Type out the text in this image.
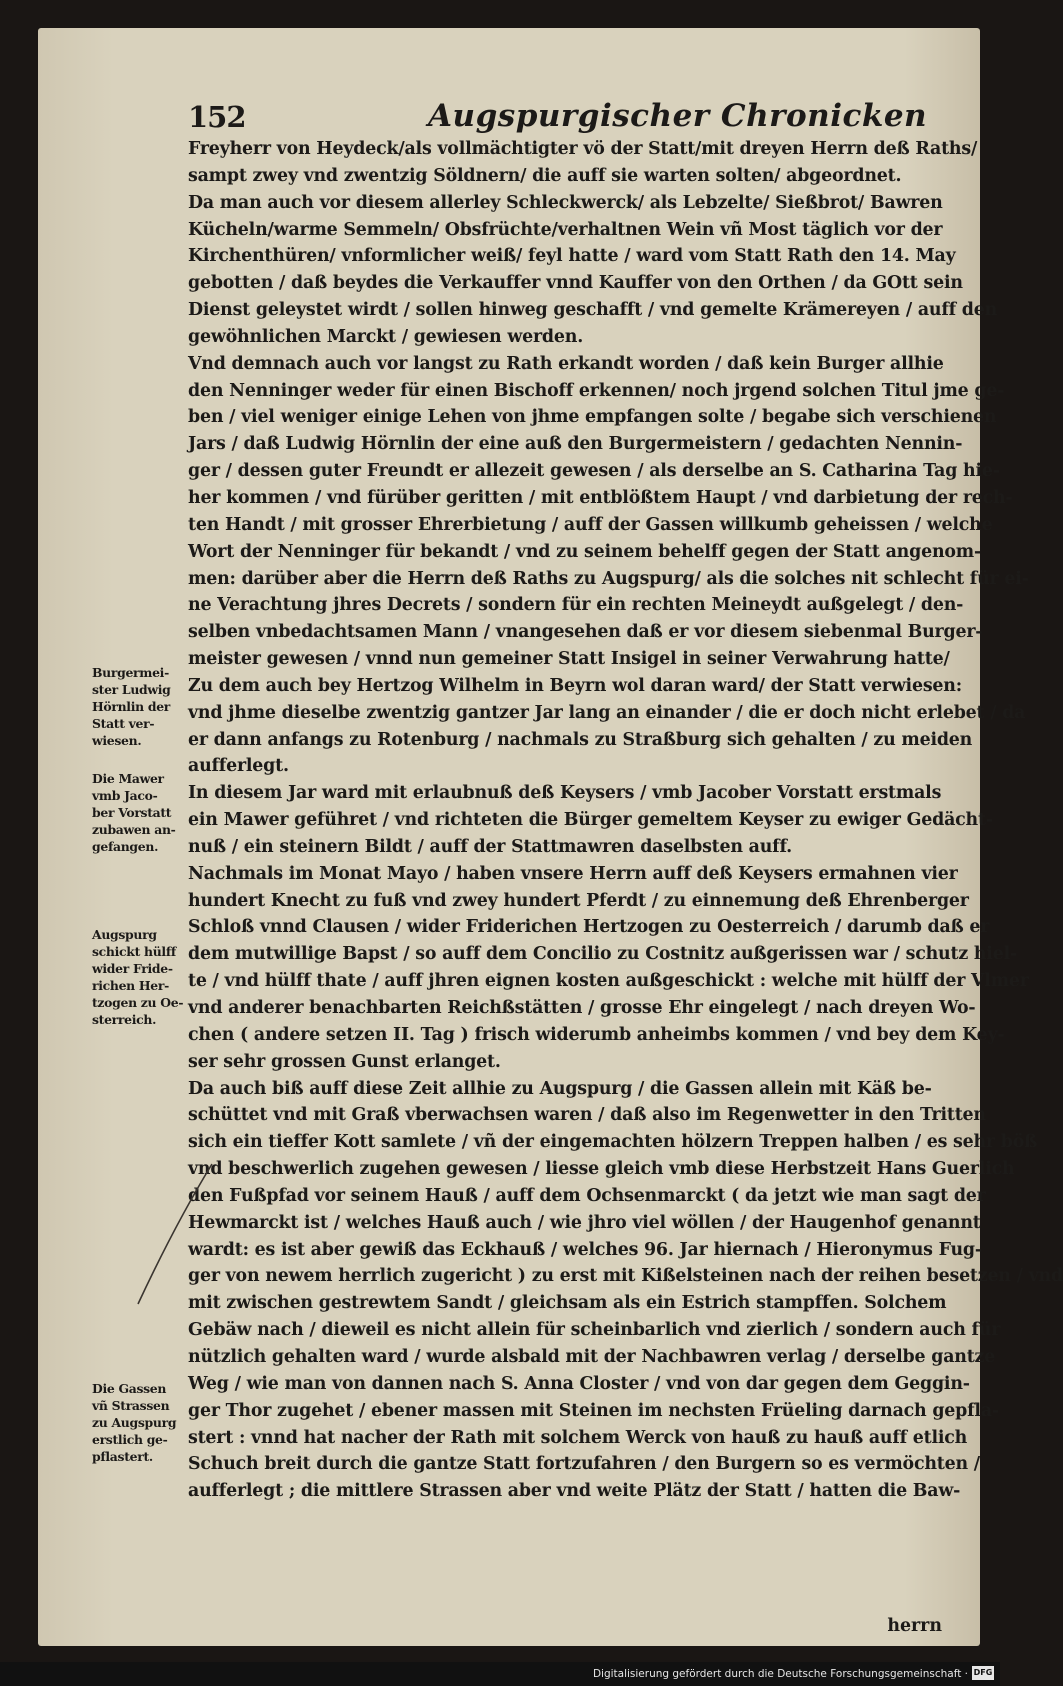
152	Augspurgischer Chronicken
Freyherr von Heydeck/als vollmächtigter vö der Statt/mit dreyen Herrn deß Raths/
sampt zwey vnd zwentzig Söldnern/ die auff sie warten solten/ abgeordnet.
Da man auch vor diesem allerley Schleckwerck/ als Lebzelte/ Sießbrot/ Bawren
Kücheln/warme Semmeln/ Obsfrüchte/verhaltnen Wein vñ Most täglich vor der
Kirchenthüren/ vnformlicher weiß/ feyl hatte / ward vom Statt Rath den 14. May
gebotten / daß beydes die Verkauffer vnnd Kauffer von den Orthen / da GOtt sein
Dienst geleystet wirdt / sollen hinweg geschafft / vnd gemelte Krämereyen / auff den
gewöhnlichen Marckt / gewiesen werden.
Vnd demnach auch vor langst zu Rath erkandt worden / daß kein Burger allhie
den Nenninger weder für einen Bischoff erkennen/ noch jrgend solchen Titul jme ge-
ben / viel weniger einige Lehen von jhme empfangen solte / begabe sich verschienen
Jars / daß Ludwig Hörnlin der eine auß den Burgermeistern / gedachten Nennin-
ger / dessen guter Freundt er allezeit gewesen / als derselbe an S. Catharina Tag hie-
her kommen / vnd fürüber geritten / mit entblößtem Haupt / vnd darbietung der rech-
ten Handt / mit grosser Ehrerbietung / auff der Gassen willkumb geheissen / welche
Wort der Nenninger für bekandt / vnd zu seinem behelff gegen der Statt angenom-
men: darüber aber die Herrn deß Raths zu Augspurg/ als die solches nit schlecht für ei-
ne Verachtung jhres Decrets / sondern für ein rechten Meineydt außgelegt / den-
selben vnbedachtsamen Mann / vnangesehen daß er vor diesem siebenmal Burger-
meister gewesen / vnnd nun gemeiner Statt Insigel in seiner Verwahrung hatte/
Zu dem auch bey Hertzog Wilhelm in Beyrn wol daran ward/ der Statt verwiesen:
vnd jhme dieselbe zwentzig gantzer Jar lang an einander / die er doch nicht erlebet / da
er dann anfangs zu Rotenburg / nachmals zu Straßburg sich gehalten / zu meiden
aufferlegt.
In diesem Jar ward mit erlaubnuß deß Keysers / vmb Jacober Vorstatt erstmals
ein Mawer geführet / vnd richteten die Bürger gemeltem Keyser zu ewiger Gedächt-
nuß / ein steinern Bildt / auff der Stattmawren daselbsten auff.
Nachmals im Monat Mayo / haben vnsere Herrn auff deß Keysers ermahnen vier
hundert Knecht zu fuß vnd zwey hundert Pferdt / zu einnemung deß Ehrenberger
Schloß vnnd Clausen / wider Friderichen Hertzogen zu Oesterreich / darumb daß er
dem mutwillige Bapst / so auff dem Concilio zu Costnitz außgerissen war / schutz hiel-
te / vnd hülff thate / auff jhren eignen kosten außgeschickt : welche mit hülff der Vlmer
vnd anderer benachbarten Reichßstätten / grosse Ehr eingelegt / nach dreyen Wo-
chen ( andere setzen II. Tag ) frisch widerumb anheimbs kommen / vnd bey dem Key-
ser sehr grossen Gunst erlanget.
Da auch biß auff diese Zeit allhie zu Augspurg / die Gassen allein mit Käß be-
schüttet vnd mit Graß vberwachsen waren / daß also im Regenwetter in den Tritten
sich ein tieffer Kott samlete / vñ der eingemachten hölzern Treppen halben / es sehr böß
vnd beschwerlich zugehen gewesen / liesse gleich vmb diese Herbstzeit Hans Guerlich
den Fußpfad vor seinem Hauß / auff dem Ochsenmarckt ( da jetzt wie man sagt der
Hewmarckt ist / welches Hauß auch / wie jhro viel wöllen / der Haugenhof genannt
wardt: es ist aber gewiß das Eckhauß / welches 96. Jar hiernach / Hieronymus Fug-
ger von newem herrlich zugericht ) zu erst mit Kißelsteinen nach der reihen besetzen / vnd
mit zwischen gestrewtem Sandt / gleichsam als ein Estrich stampffen. Solchem
Gebäw nach / dieweil es nicht allein für scheinbarlich vnd zierlich / sondern auch für
nützlich gehalten ward / wurde alsbald mit der Nachbawren verlag / derselbe gantze
Weg / wie man von dannen nach S. Anna Closter / vnd von dar gegen dem Geggin-
ger Thor zugehet / ebener massen mit Steinen im nechsten Früeling darnach gepfla-
stert : vnnd hat nacher der Rath mit solchem Werck von hauß zu hauß auff etlich
Schuch breit durch die gantze Statt fortzufahren / den Burgern so es vermöchten /
aufferlegt ; die mittlere Strassen aber vnd weite Plätz der Statt / hatten die Baw-
herrn
Burgermei-
ster Ludwig
Hörnlin der
Statt ver-
wiesen.
Die Mawer
vmb Jaco-
ber Vorstatt
zubawen an-
gefangen.
Augspurg
schickt hülff
wider Fride-
richen Her-
tzogen zu Oe-
sterreich.
Die Gassen
vñ Strassen
zu Augspurg
erstlich ge-
pflastert.
Digitalisierung gefördert durch die Deutsche Forschungsgemeinschaft · DFG
